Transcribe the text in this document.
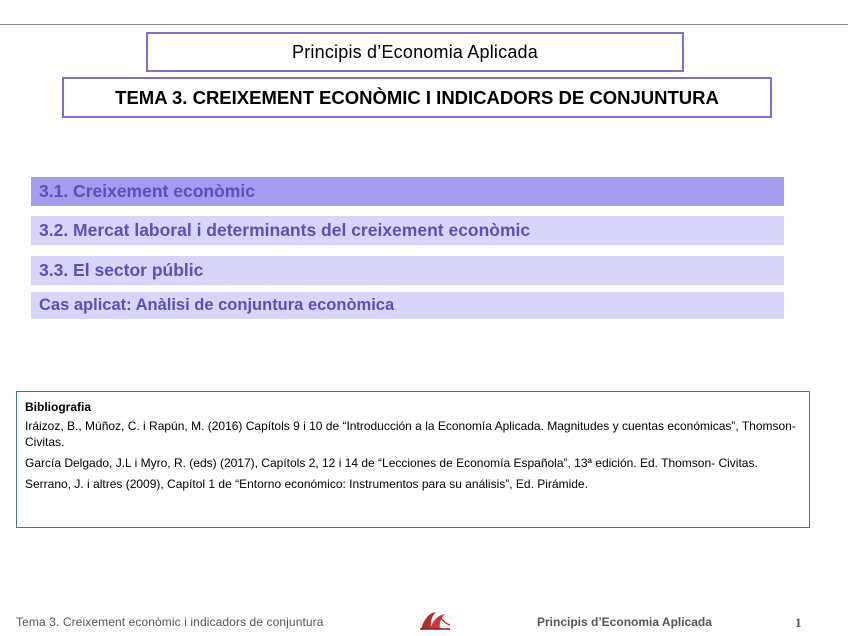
Principis d’Economia Aplicada
TEMA 3. CREIXEMENT ECONÒMIC I INDICADORS DE CONJUNTURA
3.1. Creixement econòmic
3.2. Mercat laboral i determinants del creixement econòmic
3.3. El sector públic
Cas aplicat: Anàlisi de conjuntura econòmica
Bibliografia
Iráizoz, B., Múñoz, C. i Rapún, M. (2016) Capítols 9 i 10 de “Introducción a la Economía Aplicada. Magnitudes y cuentas económicas”, Thomson-Civitas.
García Delgado, J.L i Myro, R. (eds) (2017), Capítols 2, 12 i 14 de “Lecciones de Economía Española”, 13ª edición. Ed. Thomson- Civitas.
Serrano, J. i altres (2009), Capítol 1 de “Entorno económico: Instrumentos para su análisis”, Ed. Pirámide.
Tema 3. Creixement econòmic i indicadors de conjuntura	Principis d’Economia Aplicada	1
